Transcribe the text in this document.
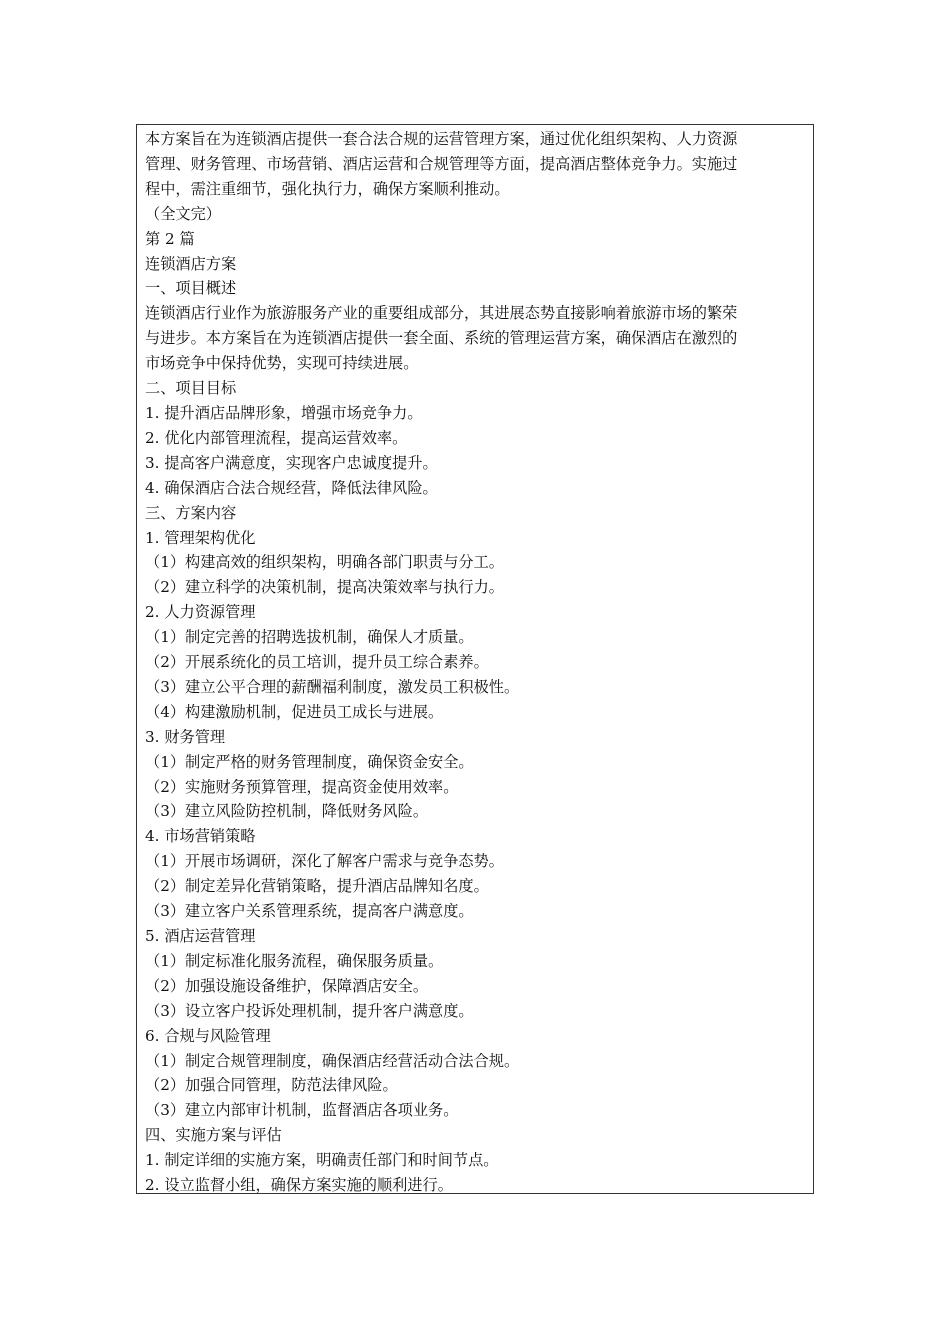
本方案旨在为连锁酒店提供一套合法合规的运营管理方案，通过优化组织架构、人力资源
管理、财务管理、市场营销、酒店运营和合规管理等方面，提高酒店整体竞争力。实施过
程中，需注重细节，强化执行力，确保方案顺利推动。
（全文完）
第 2 篇
连锁酒店方案
一、项目概述
连锁酒店行业作为旅游服务产业的重要组成部分，其进展态势直接影响着旅游市场的繁荣
与进步。本方案旨在为连锁酒店提供一套全面、系统的管理运营方案，确保酒店在激烈的
市场竞争中保持优势，实现可持续进展。
二、项目目标
1. 提升酒店品牌形象，增强市场竞争力。
2. 优化内部管理流程，提高运营效率。
3. 提高客户满意度，实现客户忠诚度提升。
4. 确保酒店合法合规经营，降低法律风险。
三、方案内容
1. 管理架构优化
（1）构建高效的组织架构，明确各部门职责与分工。
（2）建立科学的决策机制，提高决策效率与执行力。
2. 人力资源管理
（1）制定完善的招聘选拔机制，确保人才质量。
（2）开展系统化的员工培训，提升员工综合素养。
（3）建立公平合理的薪酬福利制度，激发员工积极性。
（4）构建激励机制，促进员工成长与进展。
3. 财务管理
（1）制定严格的财务管理制度，确保资金安全。
（2）实施财务预算管理，提高资金使用效率。
（3）建立风险防控机制，降低财务风险。
4. 市场营销策略
（1）开展市场调研，深化了解客户需求与竞争态势。
（2）制定差异化营销策略，提升酒店品牌知名度。
（3）建立客户关系管理系统，提高客户满意度。
5. 酒店运营管理
（1）制定标准化服务流程，确保服务质量。
（2）加强设施设备维护，保障酒店安全。
（3）设立客户投诉处理机制，提升客户满意度。
6. 合规与风险管理
（1）制定合规管理制度，确保酒店经营活动合法合规。
（2）加强合同管理，防范法律风险。
（3）建立内部审计机制，监督酒店各项业务。
四、实施方案与评估
1. 制定详细的实施方案，明确责任部门和时间节点。
2. 设立监督小组，确保方案实施的顺利进行。
